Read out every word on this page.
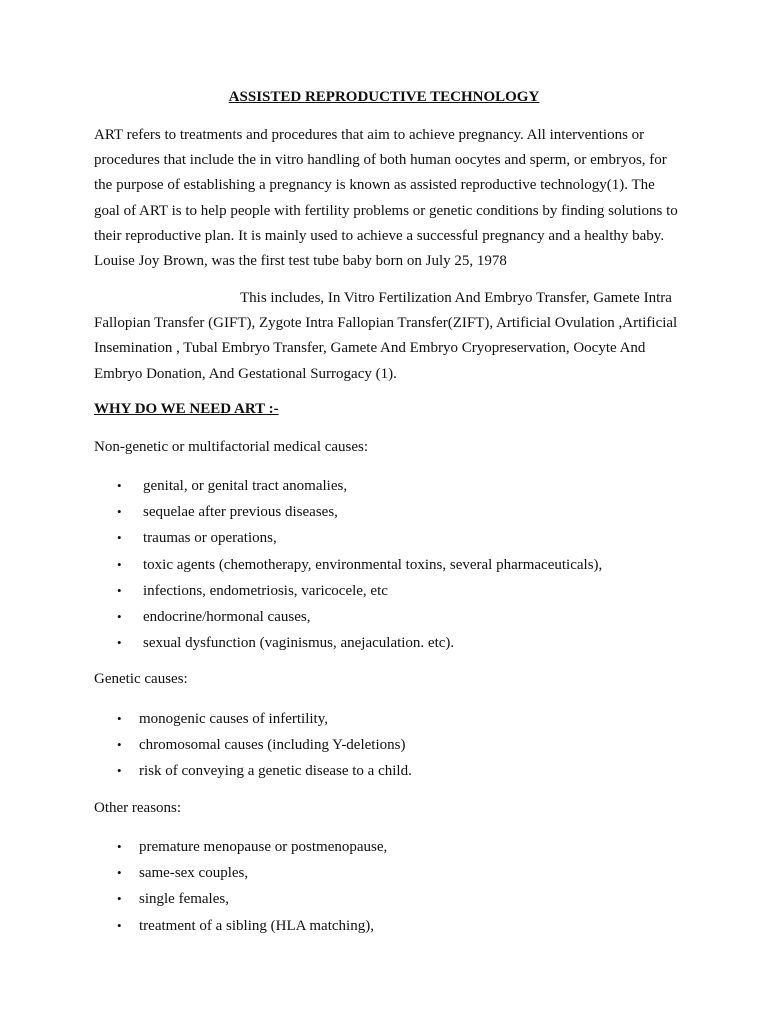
ASSISTED REPRODUCTIVE TECHNOLOGY

ART refers to treatments and procedures that aim to achieve pregnancy. All interventions or procedures that include the in vitro handling of both human oocytes and sperm, or embryos, for the purpose of establishing a pregnancy is known as assisted reproductive technology(1). The goal of ART is to help people with fertility problems or genetic conditions by finding solutions to their reproductive plan. It is mainly used to achieve a successful pregnancy and a healthy baby. Louise Joy Brown, was the first test tube baby born on July 25, 1978

This includes, In Vitro Fertilization And Embryo Transfer, Gamete Intra Fallopian Transfer (GIFT), Zygote Intra Fallopian Transfer(ZIFT), Artificial Ovulation ,Artificial Insemination , Tubal Embryo Transfer, Gamete And Embryo Cryopreservation, Oocyte And Embryo Donation, And Gestational Surrogacy (1).

WHY DO WE NEED ART :-

Non-genetic or multifactorial medical causes:

• genital, or genital tract anomalies,
• sequelae after previous diseases,
• traumas or operations,
• toxic agents (chemotherapy, environmental toxins, several pharmaceuticals),
• infections, endometriosis, varicocele, etc
• endocrine/hormonal causes,
• sexual dysfunction (vaginismus, anejaculation. etc).

Genetic causes:

• monogenic causes of infertility,
• chromosomal causes (including Y-deletions)
• risk of conveying a genetic disease to a child.

Other reasons:

• premature menopause or postmenopause,
• same-sex couples,
• single females,
• treatment of a sibling (HLA matching),
